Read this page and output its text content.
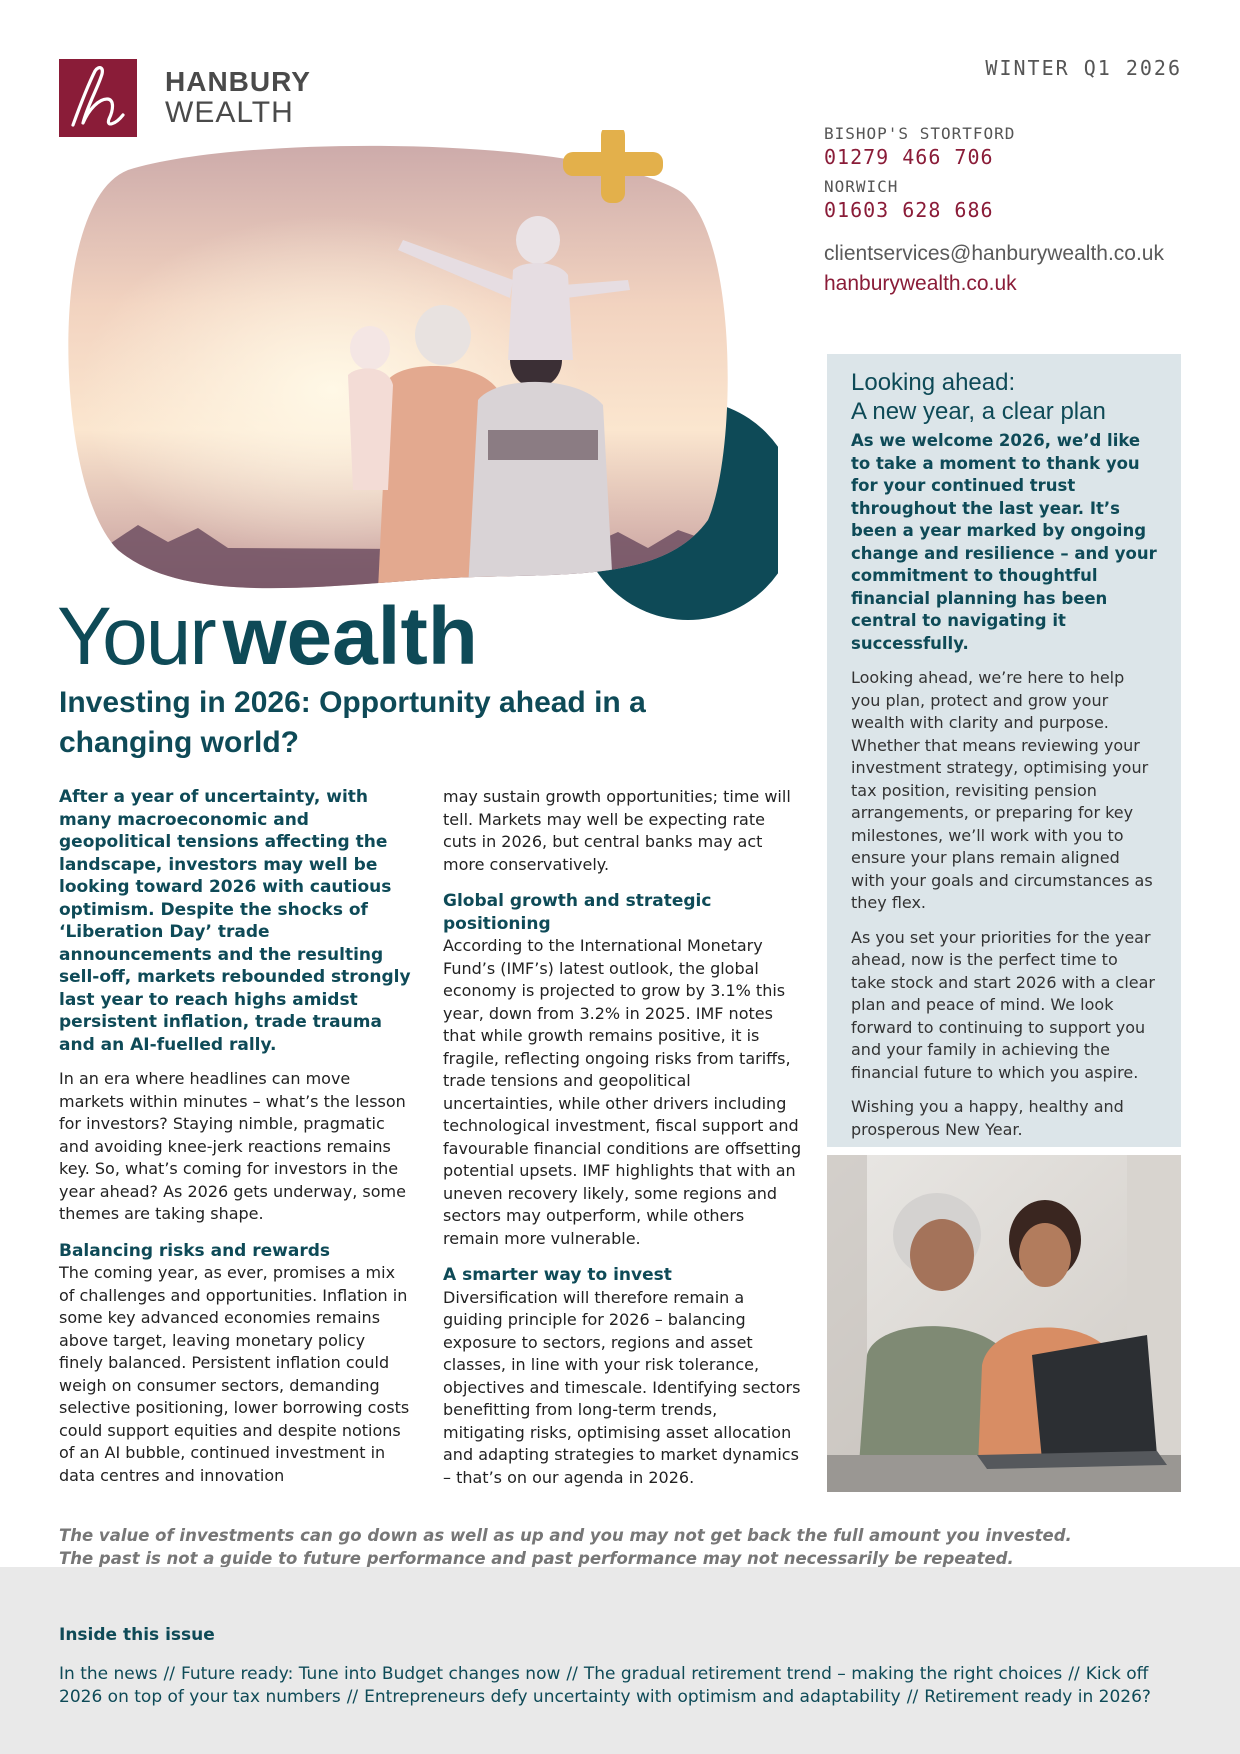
HANBURY
WEALTH
WINTER Q1 2026
BISHOP'S STORTFORD
01279 466 706
NORWICH
01603 628 686
clientservices@hanburywealth.co.uk
hanburywealth.co.uk
Yourwealth
Investing in 2026: Opportunity ahead in a changing world?

After a year of uncertainty, with many macroeconomic and geopolitical tensions affecting the landscape, investors may well be looking toward 2026 with cautious optimism. Despite the shocks of ‘Liberation Day’ trade announcements and the resulting sell-off, markets rebounded strongly last year to reach highs amidst persistent inflation, trade trauma and an AI-fuelled rally.

In an era where headlines can move markets within minutes – what’s the lesson for investors? Staying nimble, pragmatic and avoiding knee-jerk reactions remains key. So, what’s coming for investors in the year ahead? As 2026 gets underway, some themes are taking shape.

Balancing risks and rewards

The coming year, as ever, promises a mix of challenges and opportunities. Inflation in some key advanced economies remains above target, leaving monetary policy finely balanced. Persistent inflation could weigh on consumer sectors, demanding selective positioning, lower borrowing costs could support equities and despite notions of an AI bubble, continued investment in data centres and innovation

may sustain growth opportunities; time will tell. Markets may well be expecting rate cuts in 2026, but central banks may act more conservatively.

Global growth and strategic positioning

According to the International Monetary Fund’s (IMF’s) latest outlook, the global economy is projected to grow by 3.1% this year, down from 3.2% in 2025. IMF notes that while growth remains positive, it is fragile, reflecting ongoing risks from tariffs, trade tensions and geopolitical uncertainties, while other drivers including technological investment, fiscal support and favourable financial conditions are offsetting potential upsets. IMF highlights that with an uneven recovery likely, some regions and sectors may outperform, while others remain more vulnerable.

A smarter way to invest

Diversification will therefore remain a guiding principle for 2026 – balancing exposure to sectors, regions and asset classes, in line with your risk tolerance, objectives and timescale. Identifying sectors benefitting from long-term trends, mitigating risks, optimising asset allocation and adapting strategies to market dynamics – that’s on our agenda in 2026.

Looking ahead:
A new year, a clear plan

As we welcome 2026, we’d like to take a moment to thank you for your continued trust throughout the last year. It’s been a year marked by ongoing change and resilience – and your commitment to thoughtful financial planning has been central to navigating it successfully.

Looking ahead, we’re here to help you plan, protect and grow your wealth with clarity and purpose. Whether that means reviewing your investment strategy, optimising your tax position, revisiting pension arrangements, or preparing for key milestones, we’ll work with you to ensure your plans remain aligned with your goals and circumstances as they flex.

As you set your priorities for the year ahead, now is the perfect time to take stock and start 2026 with a clear plan and peace of mind. We look forward to continuing to support you and your family in achieving the financial future to which you aspire.

Wishing you a happy, healthy and prosperous New Year.

The value of investments can go down as well as up and you may not get back the full amount you invested.
The past is not a guide to future performance and past performance may not necessarily be repeated.
Inside this issue
In the news // Future ready: Tune into Budget changes now // The gradual retirement trend – making the right choices // Kick off 2026 on top of your tax numbers // Entrepreneurs defy uncertainty with optimism and adaptability // Retirement ready in 2026?
